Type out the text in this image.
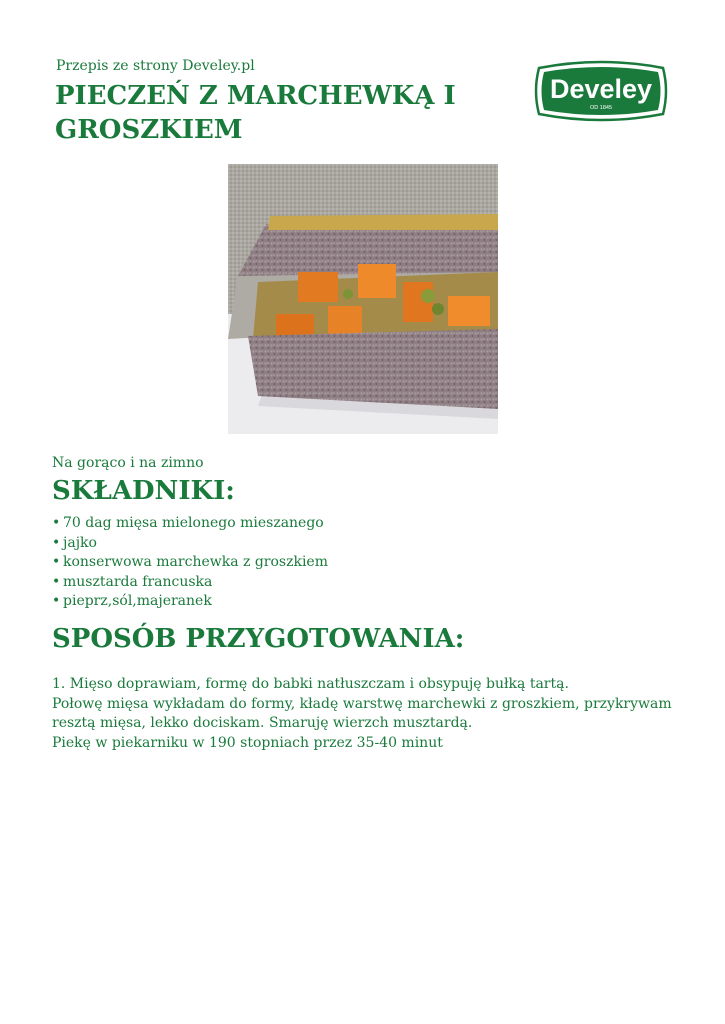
Przepis ze strony Develey.pl
PIECZEŃ Z MARCHEWKĄ I
GROSZKIEM
Develey
OD 1845
Na gorąco i na zimno
SKŁADNIKI:
• 70 dag mięsa mielonego mieszanego
• jajko
• konserwowa marchewka z groszkiem
• musztarda francuska
• pieprz,sól,majeranek
SPOSÓB PRZYGOTOWANIA:
1. Mięso doprawiam, formę do babki natłuszczam i obsypuję bułką tartą.
Połowę mięsa wykładam do formy, kładę warstwę marchewki z groszkiem, przykrywam
resztą mięsa, lekko dociskam. Smaruję wierzch musztardą.
Piekę w piekarniku w 190 stopniach przez 35-40 minut
